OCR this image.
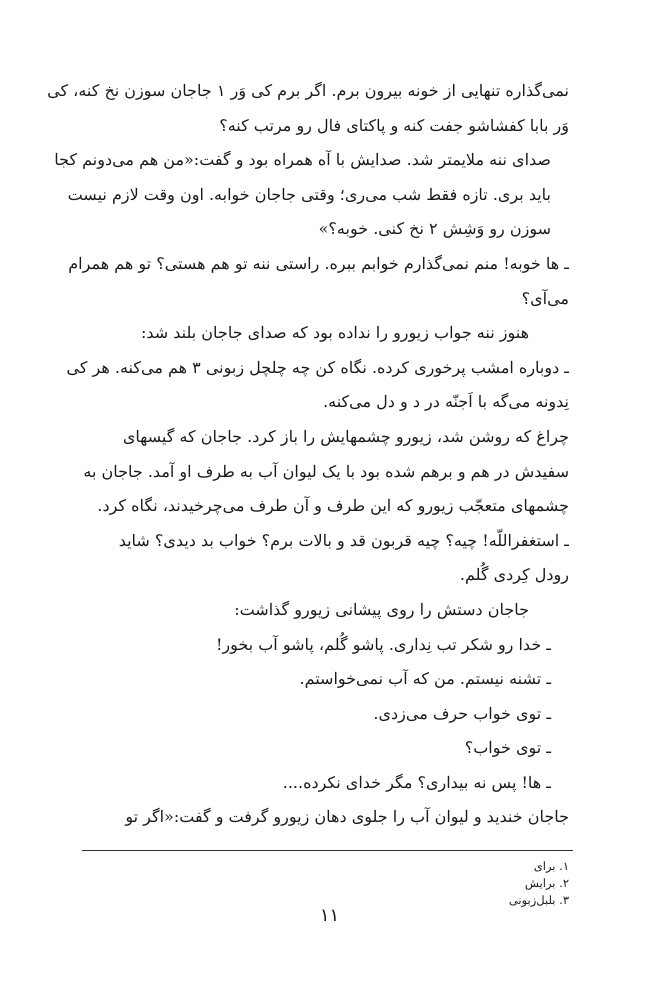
نمی‌گذاره تنهایی از خونه بیرون برم. اگر برم کی وَر ۱ جاجان سوزن نخ کنه، کی
وَر بابا کفشاشو جفت کنه و پاکتای فال رو مرتب کنه؟

صدای ننه ملایمتر شد. صدایش با آه همراه بود و گفت:«من هم می‌دونم کجا
باید بری. تازه فقط شب می‌ری؛ وقتی جاجان خوابه. اون وقت لازم نیست
سوزن رو وَشِش ۲ نخ کنی. خوبه؟»

ـ ها خوبه! منم نمی‌گذارم خوابم ببره. راستی ننه تو هم هستی؟ تو هم همرام
می‌آی؟

هنوز ننه جواب زیورو را نداده بود که صدای جاجان بلند شد:

ـ دوباره امشب پرخوری کرده. نگاه کن چه چلچل زبونی ۳ هم می‌کنه. هر کی
نِدونه می‌گه با اَجنّه در د و دل می‌کنه.

چراغ که روشن شد، زیورو چشمهایش را باز کرد. جاجان که گیسهای
سفیدش در هم و برهم شده بود با یک لیوان آب به طرف او آمد. جاجان به
چشمهای متعجّب زیورو که این طرف و آن طرف می‌چرخیدند، نگاه کرد.

ـ استغفراللّه! چیه؟ چیه قربون قد و بالات برم؟ خواب بد دیدی؟ شاید
رودل کِردی گُلم.

جاجان دستش را روی پیشانی زیورو گذاشت:

ـ خدا رو شکر تب نِداری. پاشو گُلم، پاشو آب بخور!

ـ تشنه نیستم. من که آب نمی‌خواستم.

ـ توی خواب حرف می‌زدی.

ـ توی خواب؟

ـ ها! پس نه بیداری؟ مگر خدای نکرده....

جاجان خندید و لیوان آب را جلوی دهان زیورو گرفت و گفت:«اگر تو

۱. برای
۲. برایش
۳. بلبل‌زبونی
۱۱
